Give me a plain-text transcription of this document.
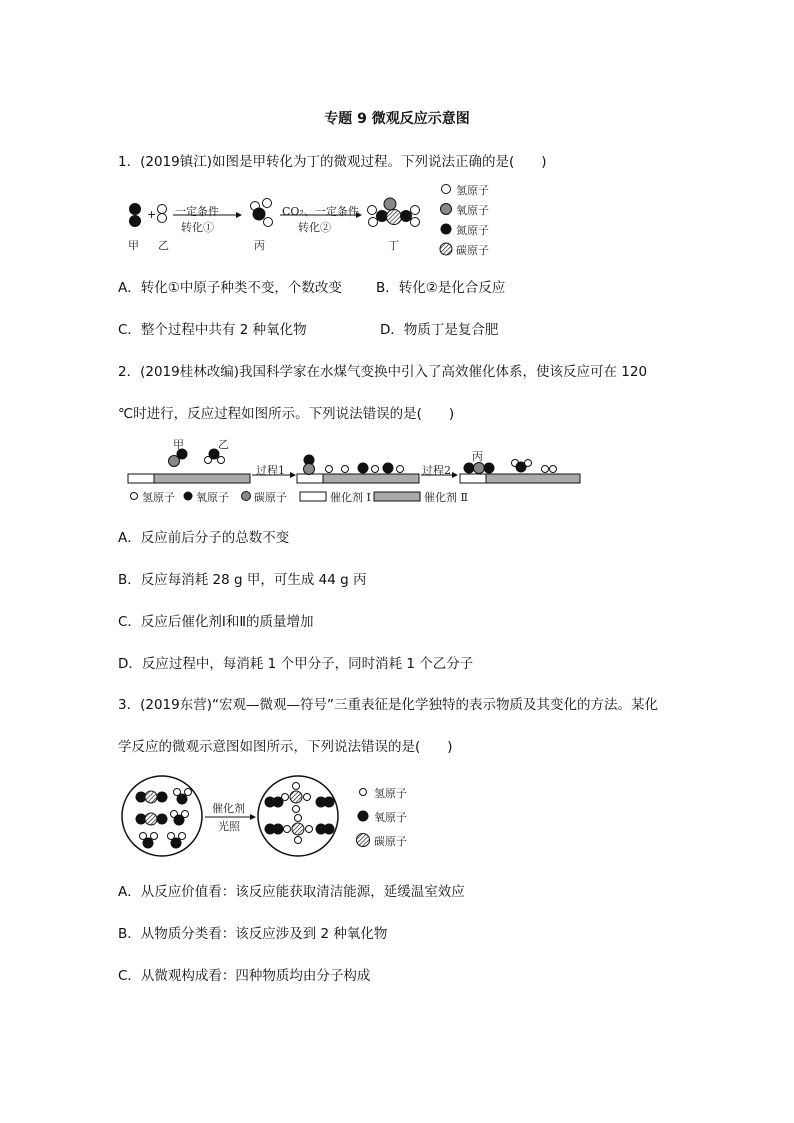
专题 9 微观反应示意图
1．(2019镇江)如图是甲转化为丁的微观过程。下列说法正确的是(　　)
+ 一定条件
转化①
CO₂、一定条件
转化②
甲 乙	丙	丁
氢原子
氧原子
氮原子
碳原子
A．转化①中原子种类不变，个数改变	B．转化②是化合反应
C．整个过程中共有 2 种氧化物	D．物质丁是复合肥
2．(2019桂林改编)我国科学家在水煤气变换中引入了高效催化体系，使该反应可在 120
℃时进行，反应过程如图所示。下列说法错误的是(　　)
甲	乙
丙
过程1	过程2
氢原子 氧原子 碳原子	催化剂 Ⅰ	催化剂 Ⅱ
A．反应前后分子的总数不变
B．反应每消耗 28 g 甲，可生成 44 g 丙
C．反应后催化剂Ⅰ和Ⅱ的质量增加
D．反应过程中，每消耗 1 个甲分子，同时消耗 1 个乙分子
3．(2019东营)“宏观—微观—符号”三重表征是化学独特的表示物质及其变化的方法。某化
学反应的微观示意图如图所示，下列说法错误的是(　　)
催化剂
光照
氢原子
氧原子
碳原子
A．从反应价值看：该反应能获取清洁能源，延缓温室效应
B．从物质分类看：该反应涉及到 2 种氧化物
C．从微观构成看：四种物质均由分子构成
